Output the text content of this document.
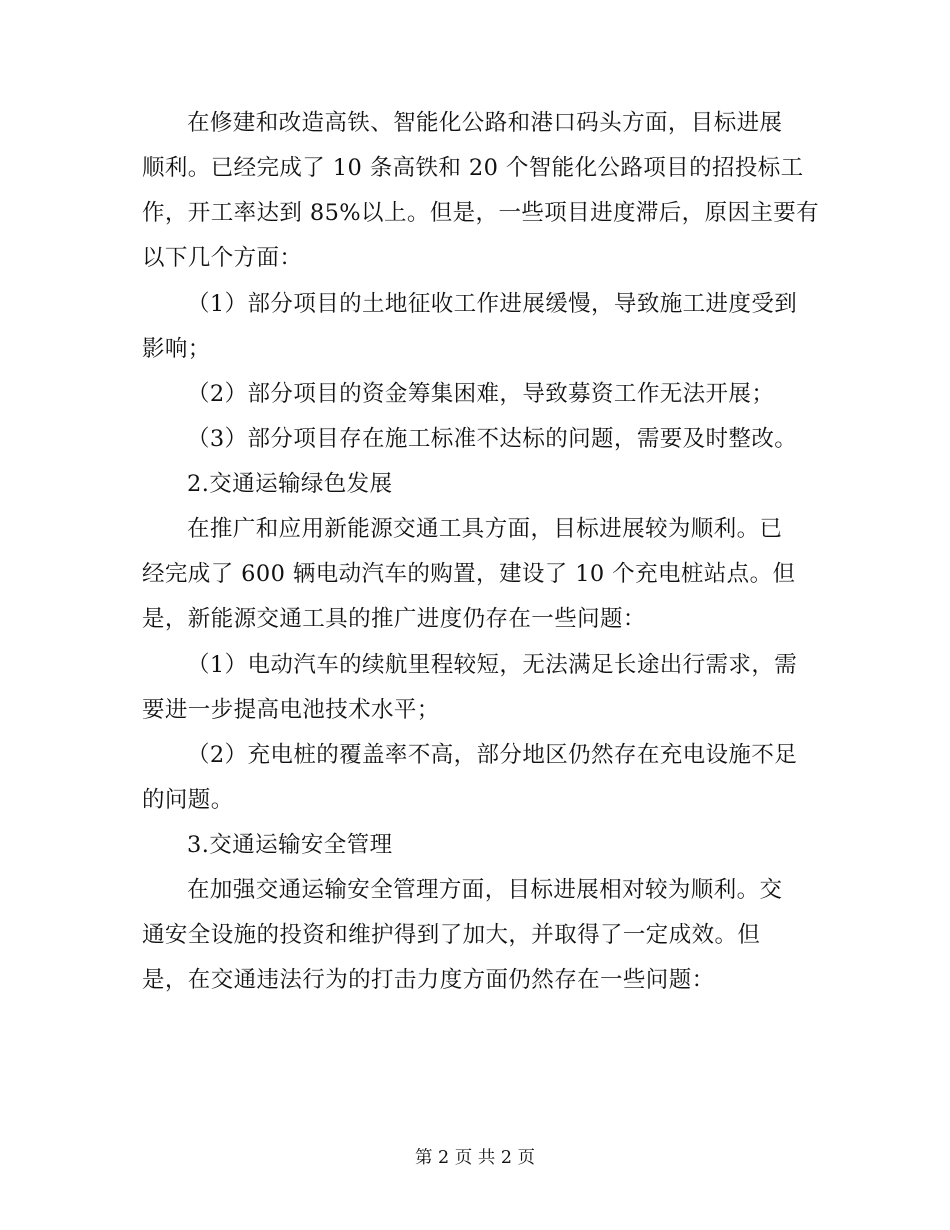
在修建和改造高铁、智能化公路和港口码头方面，目标进展
顺利。已经完成了 10 条高铁和 20 个智能化公路项目的招投标工
作，开工率达到 85%以上。但是，一些项目进度滞后，原因主要有
以下几个方面：
（1）部分项目的土地征收工作进展缓慢，导致施工进度受到
影响；
（2）部分项目的资金筹集困难，导致募资工作无法开展；
（3）部分项目存在施工标准不达标的问题，需要及时整改。
2.交通运输绿色发展
在推广和应用新能源交通工具方面，目标进展较为顺利。已
经完成了 600 辆电动汽车的购置，建设了 10 个充电桩站点。但
是，新能源交通工具的推广进度仍存在一些问题：
（1）电动汽车的续航里程较短，无法满足长途出行需求，需
要进一步提高电池技术水平；
（2）充电桩的覆盖率不高，部分地区仍然存在充电设施不足
的问题。
3.交通运输安全管理
在加强交通运输安全管理方面，目标进展相对较为顺利。交
通安全设施的投资和维护得到了加大，并取得了一定成效。但
是，在交通违法行为的打击力度方面仍然存在一些问题：
第 2 页 共 2 页
